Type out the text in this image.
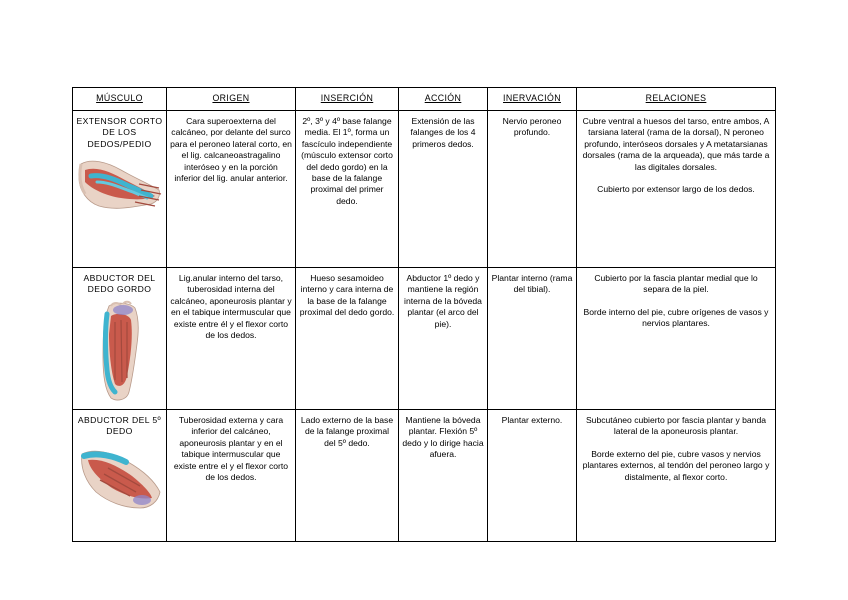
MÚSCULO	ORIGEN	INSERCIÓN	ACCIÓN	INERVACIÓN	RELACIONES

EXTENSOR CORTO DE LOS DEDOS/PEDIO	Cara superoexterna del calcáneo, por delante del surco para el peroneo lateral corto, en el lig. calcaneoastragalino interóseo y en la porción inferior del lig. anular anterior.	2º, 3º y 4º base falange media. El 1º, forma un fascículo independiente (músculo extensor corto del dedo gordo) en la base de la falange proximal del primer dedo.	Extensión de las falanges de los 4 primeros dedos.	Nervio peroneo profundo.	Cubre ventral a huesos del tarso, entre ambos, A tarsiana lateral (rama de la dorsal), N peroneo profundo, interóseos dorsales y A metatarsianas dorsales (rama de la arqueada), que más tarde a las digitales dorsales.
Cubierto por extensor largo de los dedos.

ABDUCTOR DEL DEDO GORDO	Lig.anular interno del tarso, tuberosidad interna del calcáneo, aponeurosis plantar y en el tabique intermuscular que existe entre él y el flexor corto de los dedos.	Hueso sesamoideo interno y cara interna de la base de la falange proximal del dedo gordo.	Abductor 1º dedo y mantiene la región interna de la bóveda plantar (el arco del pie).	Plantar interno (rama del tibial).	Cubierto por la fascia plantar medial que lo separa de la piel.
Borde interno del pie, cubre orígenes de vasos y nervios plantares.

ABDUCTOR DEL 5º DEDO	Tuberosidad externa y cara inferior del calcáneo, aponeurosis plantar y en el tabique intermuscular que existe entre el y el flexor corto de los dedos.	Lado externo de la base de la falange proximal del 5º dedo.	Mantiene la bóveda plantar. Flexión 5º dedo y lo dirige hacia afuera.	Plantar externo.	Subcutáneo cubierto por fascia plantar y banda lateral de la aponeurosis plantar.
Borde externo del pie, cubre vasos y nervios plantares externos, al tendón del peroneo largo y distalmente, al flexor corto.
